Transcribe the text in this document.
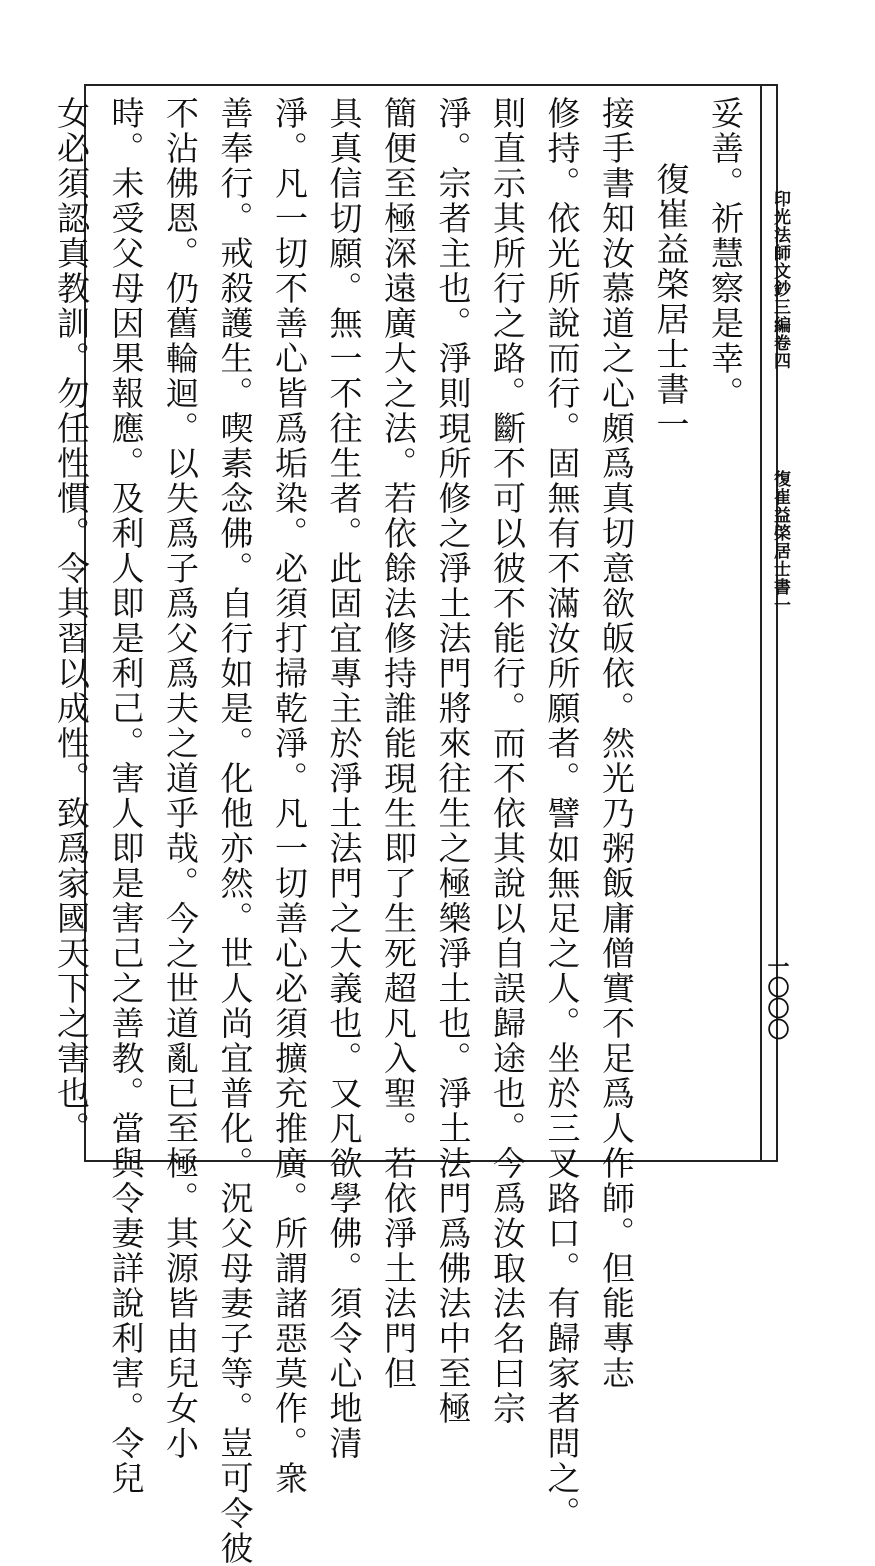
印光法師文鈔三編卷四
復崔益棨居士書一
一〇〇〇
妥善。祈慧察是幸。
復崔益棨居士書一
接手書知汝慕道之心頗爲真切意欲皈依。然光乃粥飯庸僧實不足爲人作師。但能專志
修持。依光所說而行。固無有不滿汝所願者。譬如無足之人。坐於三叉路口。有歸家者問之。
則直示其所行之路。斷不可以彼不能行。而不依其說以自誤歸途也。今爲汝取法名曰宗
淨。宗者主也。淨則現所修之淨土法門將來往生之極樂淨土也。淨土法門爲佛法中至極
簡便至極深遠廣大之法。若依餘法修持誰能現生即了生死超凡入聖。若依淨土法門但
具真信切願。無一不往生者。此固宜專主於淨土法門之大義也。又凡欲學佛。須令心地清
淨。凡一切不善心皆爲垢染。必須打掃乾淨。凡一切善心必須擴充推廣。所謂諸惡莫作。衆
善奉行。戒殺護生。喫素念佛。自行如是。化他亦然。世人尚宜普化。況父母妻子等。豈可令彼
不沾佛恩。仍舊輪迴。以失爲子爲父爲夫之道乎哉。今之世道亂已至極。其源皆由兒女小
時。未受父母因果報應。及利人即是利己。害人即是害己之善教。當與令妻詳說利害。令兒
女必須認真教訓。勿任性慣。令其習以成性。致爲家國天下之害也。
